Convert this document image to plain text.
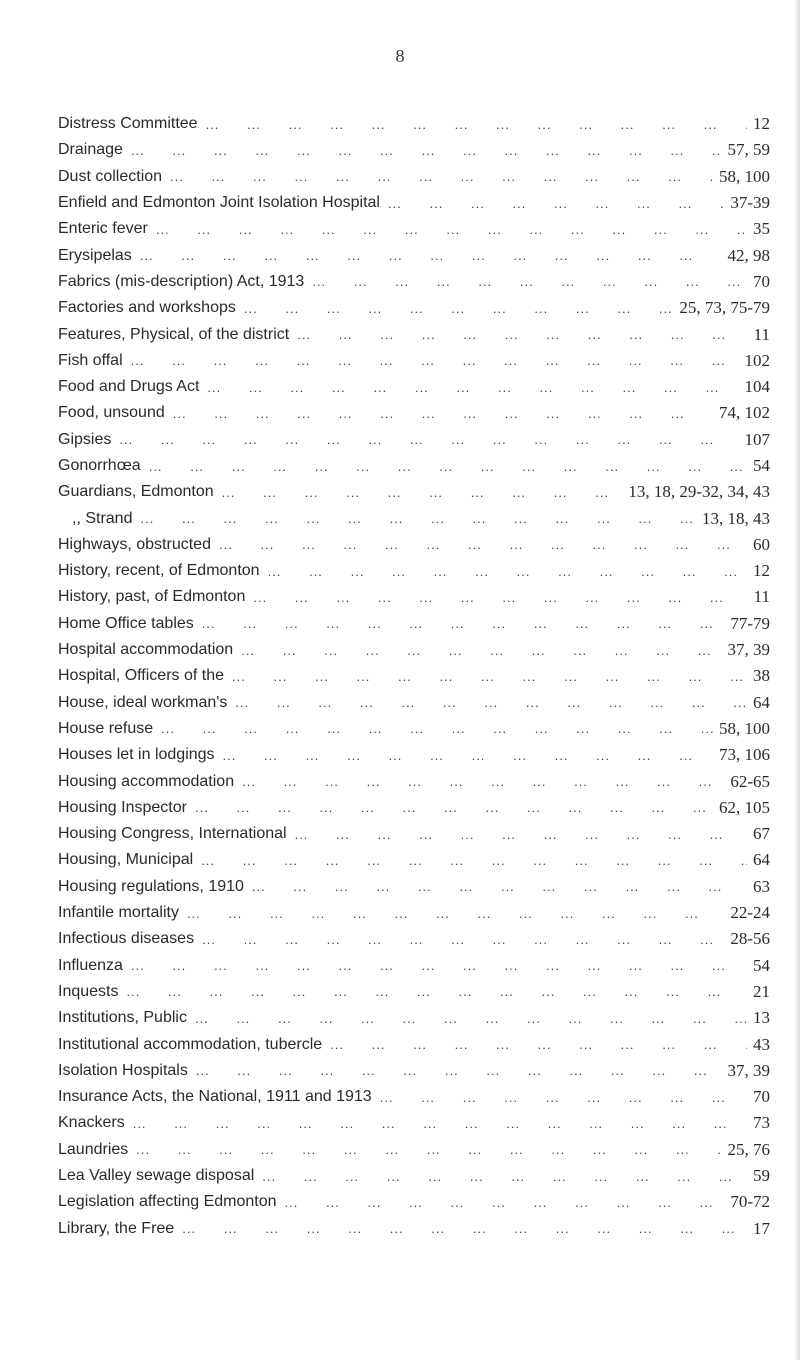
8
Distress Committee ...	12
Drainage ...	57, 59
Dust collection ...	58, 100
Enfield and Edmonton Joint Isolation Hospital ...	37-39
Enteric fever ...	35
Erysipelas ...	42, 98
Fabrics (mis-description) Act, 1913 ...	70
Factories and workshops ...	25, 73, 75-79
Features, Physical, of the district ...	11
Fish offal ...	102
Food and Drugs Act ...	104
Food, unsound ...	74, 102
Gipsies ...	107
Gonorrhœa ...	54
Guardians, Edmonton ...	13, 18, 29-32, 34, 43
,, Strand ...	13, 18, 43
Highways, obstructed ...	60
History, recent, of Edmonton ...	12
History, past, of Edmonton ...	11
Home Office tables ...	77-79
Hospital accommodation ...	37, 39
Hospital, Officers of the ...	38
House, ideal workman's ...	64
House refuse ...	58, 100
Houses let in lodgings ...	73, 106
Housing accommodation ...	62-65
Housing Inspector ...	62, 105
Housing Congress, International ...	67
Housing, Municipal ...	64
Housing regulations, 1910 ...	63
Infantile mortality ...	22-24
Infectious diseases ...	28-56
Influenza ...	54
Inquests ...	21
Institutions, Public ...	13
Institutional accommodation, tubercle ...	43
Isolation Hospitals ...	37, 39
Insurance Acts, the National, 1911 and 1913 ...	70
Knackers ...	73
Laundries ...	25, 76
Lea Valley sewage disposal ...	59
Legislation affecting Edmonton ...	70-72
Library, the Free ...	17
